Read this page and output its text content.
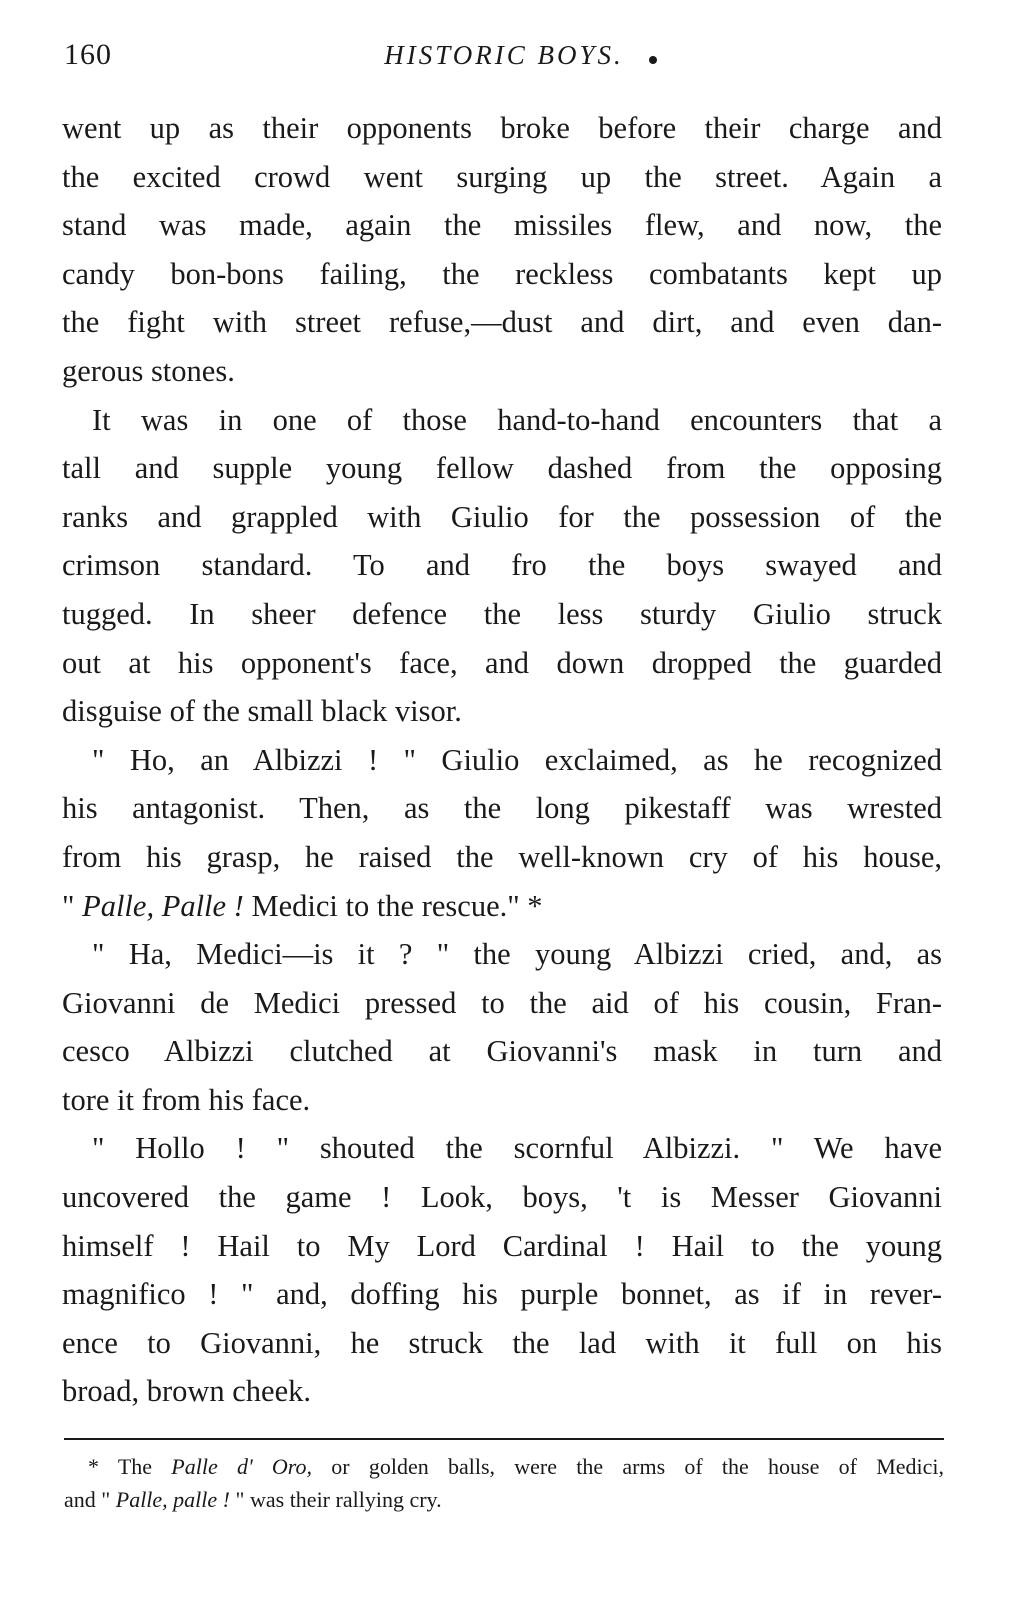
160	HISTORIC BOYS.
went up as their opponents broke before their charge and
the excited crowd went surging up the street. Again a
stand was made, again the missiles flew, and now, the
candy bon-bons failing, the reckless combatants kept up
the fight with street refuse,—dust and dirt, and even dan-
gerous stones.
It was in one of those hand-to-hand encounters that a
tall and supple young fellow dashed from the opposing
ranks and grappled with Giulio for the possession of the
crimson standard. To and fro the boys swayed and
tugged. In sheer defence the less sturdy Giulio struck
out at his opponent's face, and down dropped the guarded
disguise of the small black visor.
" Ho, an Albizzi ! " Giulio exclaimed, as he recognized
his antagonist. Then, as the long pikestaff was wrested
from his grasp, he raised the well-known cry of his house,
" Palle, Palle ! Medici to the rescue." *
" Ha, Medici—is it ? " the young Albizzi cried, and, as
Giovanni de Medici pressed to the aid of his cousin, Fran-
cesco Albizzi clutched at Giovanni's mask in turn and
tore it from his face.
" Hollo ! " shouted the scornful Albizzi. " We have
uncovered the game ! Look, boys, 't is Messer Giovanni
himself ! Hail to My Lord Cardinal ! Hail to the young
magnifico ! " and, doffing his purple bonnet, as if in rever-
ence to Giovanni, he struck the lad with it full on his
broad, brown cheek.
* The Palle d' Oro, or golden balls, were the arms of the house of Medici,
and " Palle, palle ! " was their rallying cry.
